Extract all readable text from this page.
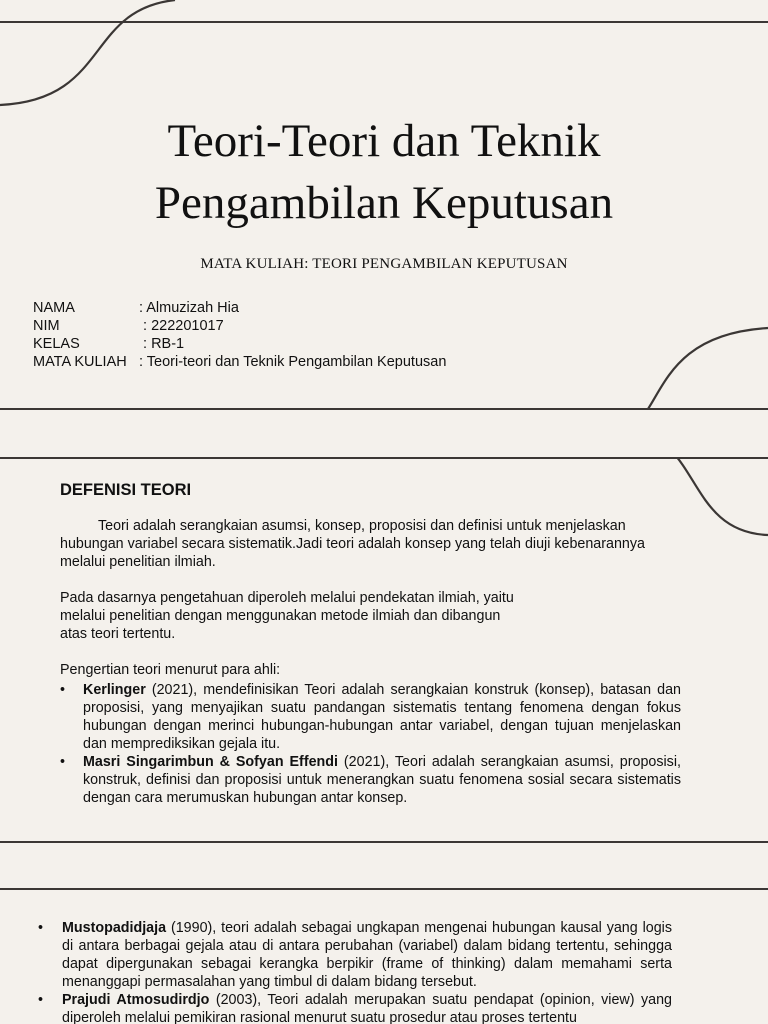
Teori-Teori dan Teknik
Pengambilan Keputusan
MATA KULIAH: TEORI PENGAMBILAN KEPUTUSAN
NAMA	: Almuzizah Hia
NIM	: 222201017
KELAS	: RB-1
MATA KULIAH : Teori-teori dan Teknik Pengambilan Keputusan
DEFENISI TEORI

Teori adalah serangkaian asumsi, konsep, proposisi dan definisi untuk menjelaskan hubungan variabel secara sistematik.Jadi teori adalah konsep yang telah diuji kebenarannya melalui penelitian ilmiah.

Pada dasarnya pengetahuan diperoleh melalui pendekatan ilmiah, yaitu melalui penelitian dengan menggunakan metode ilmiah dan dibangun atas teori tertentu.

Pengertian teori menurut para ahli:

• Kerlinger (2021), mendefinisikan Teori adalah serangkaian konstruk (konsep), batasan dan proposisi, yang menyajikan suatu pandangan sistematis tentang fenomena dengan fokus hubungan dengan merinci hubungan-hubungan antar variabel, dengan tujuan menjelaskan dan memprediksikan gejala itu.
• Masri Singarimbun & Sofyan Effendi (2021), Teori adalah serangkaian asumsi, proposisi, konstruk, definisi dan proposisi untuk menerangkan suatu fenomena sosial secara sistematis dengan cara merumuskan hubungan antar konsep.
• Mustopadidjaja (1990), teori adalah sebagai ungkapan mengenai hubungan kausal yang logis di antara berbagai gejala atau di antara perubahan (variabel) dalam bidang tertentu, sehingga dapat dipergunakan sebagai kerangka berpikir (frame of thinking) dalam memahami serta menanggapi permasalahan yang timbul di dalam bidang tersebut.
• Prajudi Atmosudirdjo (2003), Teori adalah merupakan suatu pendapat (opinion, view) yang diperoleh melalui pemikiran rasional menurut suatu prosedur atau proses tertentu
